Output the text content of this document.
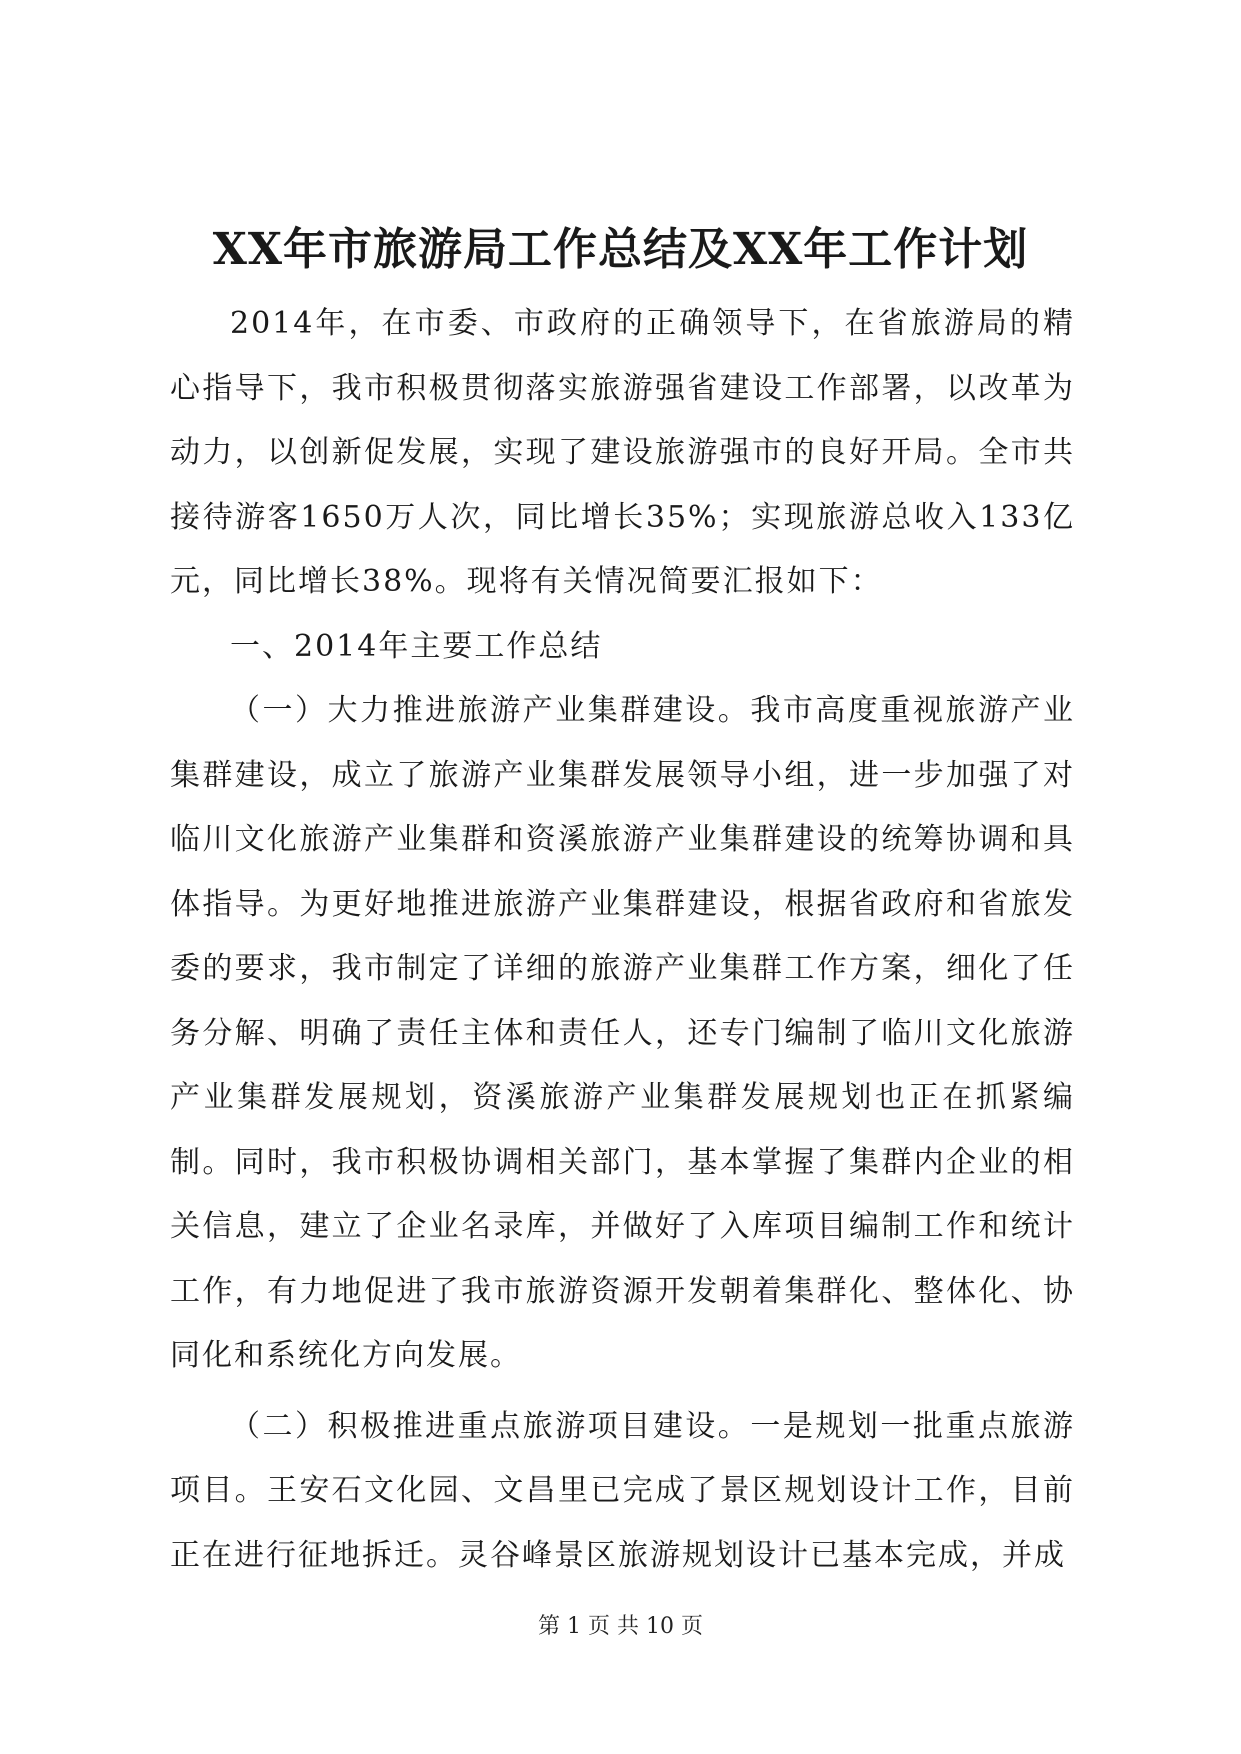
XX年市旅游局工作总结及XX年工作计划

2014年，在市委、市政府的正确领导下，在省旅游局的精心指导下，我市积极贯彻落实旅游强省建设工作部署，以改革为动力，以创新促发展，实现了建设旅游强市的良好开局。全市共接待游客1650万人次，同比增长35%；实现旅游总收入133亿元，同比增长38%。现将有关情况简要汇报如下：

一、2014年主要工作总结

（一）大力推进旅游产业集群建设。我市高度重视旅游产业集群建设，成立了旅游产业集群发展领导小组，进一步加强了对临川文化旅游产业集群和资溪旅游产业集群建设的统筹协调和具体指导。为更好地推进旅游产业集群建设，根据省政府和省旅发委的要求，我市制定了详细的旅游产业集群工作方案，细化了任务分解、明确了责任主体和责任人，还专门编制了临川文化旅游产业集群发展规划，资溪旅游产业集群发展规划也正在抓紧编制。同时，我市积极协调相关部门，基本掌握了集群内企业的相关信息，建立了企业名录库，并做好了入库项目编制工作和统计工作，有力地促进了我市旅游资源开发朝着集群化、整体化、协同化和系统化方向发展。

（二）积极推进重点旅游项目建设。一是规划一批重点旅游项目。王安石文化园、文昌里已完成了景区规划设计工作，目前正在进行征地拆迁。灵谷峰景区旅游规划设计已基本完成，并成

第 1 页 共 10 页
